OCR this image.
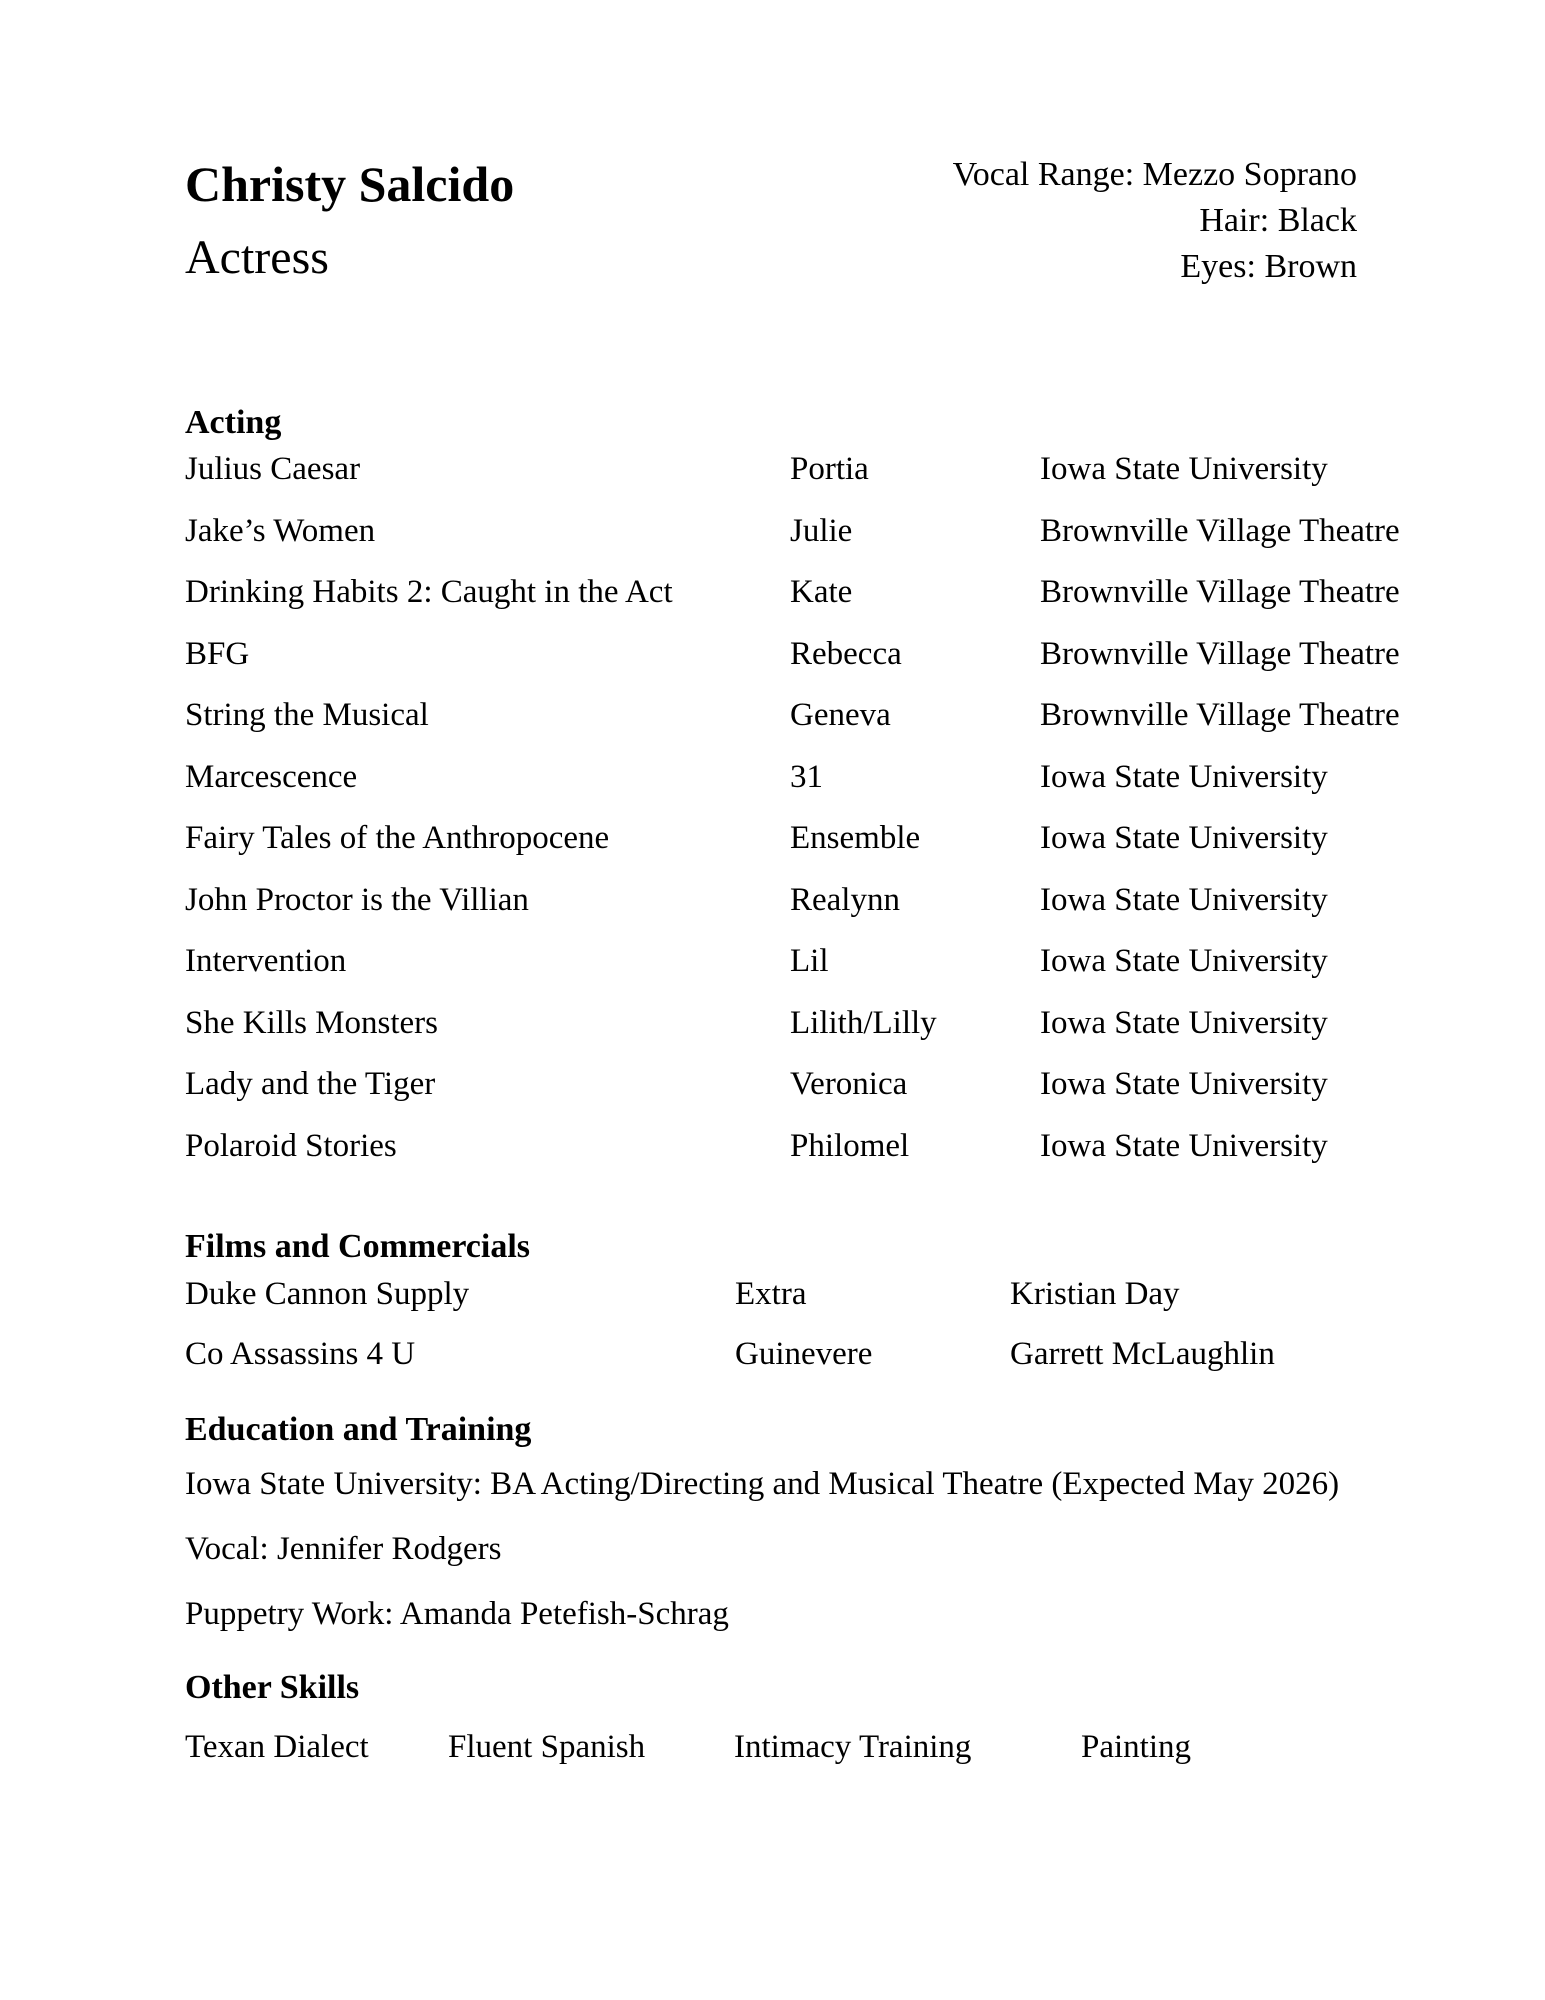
Christy Salcido
Actress
Vocal Range: Mezzo Soprano
Hair: Black
Eyes: Brown
Acting
Julius Caesar	Portia	Iowa State University
Jake’s Women	Julie	Brownville Village Theatre
Drinking Habits 2: Caught in the Act	Kate	Brownville Village Theatre
BFG	Rebecca	Brownville Village Theatre
String the Musical	Geneva	Brownville Village Theatre
Marcescence	31	Iowa State University
Fairy Tales of the Anthropocene	Ensemble	Iowa State University
John Proctor is the Villian	Realynn	Iowa State University
Intervention	Lil	Iowa State University
She Kills Monsters	Lilith/Lilly	Iowa State University
Lady and the Tiger	Veronica	Iowa State University
Polaroid Stories	Philomel	Iowa State University
Films and Commercials
Duke Cannon Supply	Extra	Kristian Day
Co Assassins 4 U	Guinevere	Garrett McLaughlin
Education and Training
Iowa State University: BA Acting/Directing and Musical Theatre (Expected May 2026)
Vocal: Jennifer Rodgers
Puppetry Work: Amanda Petefish-Schrag
Other Skills
Texan Dialect Fluent Spanish	Intimacy Training	Painting
